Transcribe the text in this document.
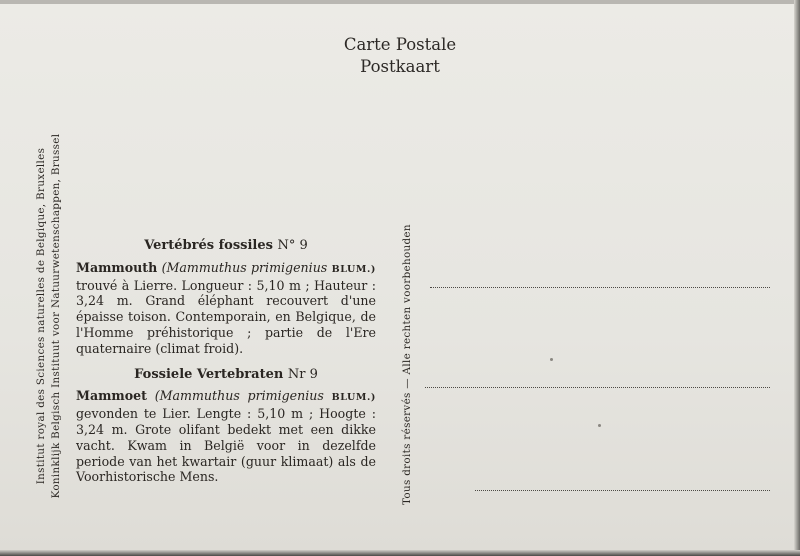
Carte Postale
Postkaart
Institut royal des Sciences naturelles de Belgique, Bruxelles Koninklijk Belgisch Instituut voor Natuurwetenschappen, Brussel	Vertébrés fossiles N° 9

Mammouth (Mammuthus primigenius BLUM.) trouvé à Lierre. Longueur : 5,10 m ; Hauteur : 3,24 m. Grand éléphant recouvert d'une épaisse toison. Contemporain, en Belgique, de l'Homme préhistorique ; partie de l'Ere quaternaire (climat froid).

Fossiele Vertebraten Nr 9

Mammoet (Mammuthus primigenius BLUM.) gevonden te Lier. Lengte : 5,10 m ; Hoogte : 3,24 m. Grote olifant bedekt met een dikke vacht. Kwam in België voor in dezelfde periode van het kwartair (guur klimaat) als de Voorhistorische Mens.	Tous droits réservés — Alle rechten voorbehouden
